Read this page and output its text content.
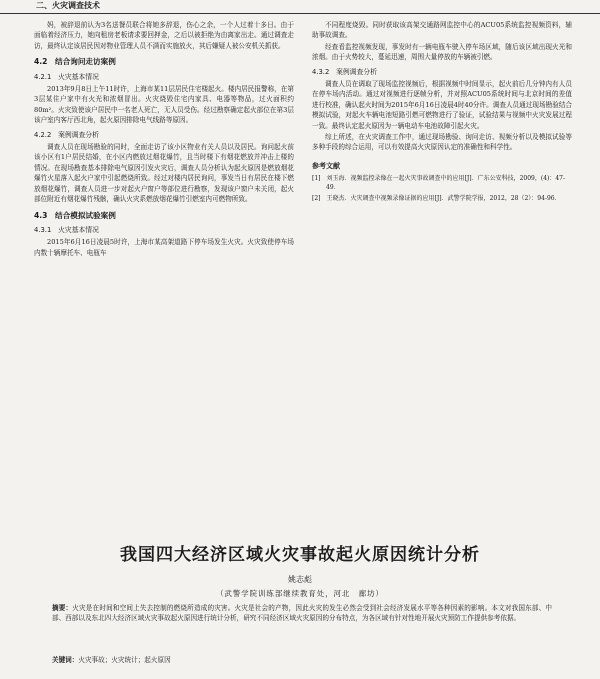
二、火灾调查技术

妈，被辞退前认为3名送餐员联合将她多辞退，伤心之余，一个人过着十多日。由于面临着经济压力，她向租房老板请求要回押金，之后以被拒绝为由离家出走。通过调查走访，最终认定该居民因对物业管理人员不满而实施放火，其后嫌疑人被公安机关抓获。

4.2　结合询问走访案例
4.2.1　火灾基本情况

2013年9月8日上午11时许，上海市某11层居民住宅楼起火。楼内居民报警称，在第3层某住户家中有火光和浓烟冒出。火灾烧毁住宅内家具、电器等物品，过火面积约80m²。火灾致使该户居民中一名老人死亡，无人员受伤。经过勘察确定起火部位在第3层该户室内客厅西北角，起火原因排除电气线路等原因。

4.2.2　案例调查分析

调查人员在现场勘验的同时，全面走访了该小区物业有关人员以及居民。询问起火前该小区有1户居民结婚，在小区内燃放过烟花爆竹，且当时楼下有烟花燃放并冲击上楼的情况。在现场勘查基本排除电气原因引发火灾后，调查人员分析认为起火原因是燃放烟花爆竹火星落入起火户家中引起燃烧所致。经过对楼内居民询问，事发当日有居民在楼下燃放烟花爆竹，调查人员进一步对起火户窗户等部位进行勘察，发现该户窗户未关闭，起火部位附近有烟花爆竹残骸，确认火灾系燃放烟花爆竹引燃室内可燃物所致。

4.3　结合模拟试验案例
4.3.1　火灾基本情况

2015年6月16日凌晨5时许，上海市某高架道路下停车场发生火灾。火灾致使停车场内数十辆摩托车、电瓶车

不同程度烧毁。同时获取该高架交通路网监控中心的ACU05系统监控视频资料，辅助事故调查。

经查看监控视频发现，事发时有一辆电瓶车驶入停车场区域，随后该区域出现火光和浓烟。由于火势较大，蔓延迅速，周围大量停放的车辆被引燃。

4.3.2　案例调查分析

调查人员在调取了现场监控视频后，根据视频中时间显示，起火前后几分钟内有人员在停车场内活动。通过对视频进行逐帧分析，并对照ACU05系统时间与北京时间的差值进行校准，确认起火时间为2015年6月16日凌晨4时40分许。调查人员通过现场勘验结合模拟试验，对起火车辆电池短路引燃可燃物进行了验证，试验结果与视频中火灾发展过程一致。最终认定起火原因为一辆电动车电池故障引起火灾。

综上所述，在火灾调查工作中，通过现场勘验、询问走访、视频分析以及模拟试验等多种手段的综合运用，可以有效提高火灾原因认定的准确性和科学性。

参考文献
[1]　刘玉海．视频监控录像在一起火灾事故调查中的应用[J]．广东公安科技，2009，(4)：47-49．
[2]　王晓杰．火灾调查中视频录像证据的应用[J]．武警学院学报，2012，28（2）：94-96．
我国四大经济区域火灾事故起火原因统计分析
姚志彪
（武警学院训练部继续教育处，河北　廊坊）
摘要：火灾是在时间和空间上失去控制的燃烧所造成的灾害。火灾是社会的产物，因此火灾的发生必然会受到社会经济发展水平等各种因素的影响。本文对我国东部、中部、西部以及东北四大经济区域火灾事故起火原因进行统计分析，研究不同经济区域火灾原因的分布特点，为各区域有针对性地开展火灾预防工作提供参考依据。
关键词：火灾事故；火灾统计；起火原因
